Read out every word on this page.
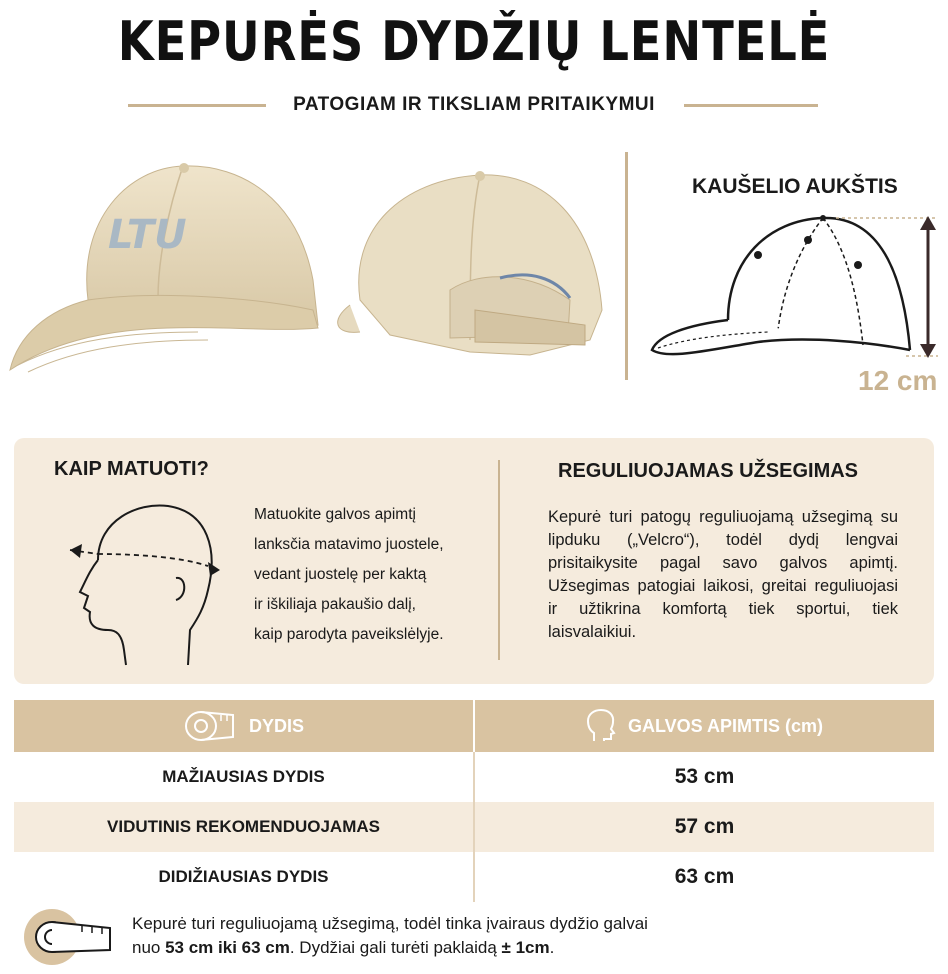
KEPURĖS DYDŽIŲ LENTELĖ
PATOGIAM IR TIKSLIAM PRITAIKYMUI
LTU
KAUŠELIO AUKŠTIS
12 cm
KAIP MATUOTI?
Matuokite galvos apimtį
lanksčia matavimo juostele,
vedant juostelę per kaktą
ir iškiliaja pakaušio dalį,
kaip parodyta paveikslėlyje.
REGULIUOJAMAS UŽSEGIMAS
Kepurė turi patogų reguliuojamą užsegimą su lipduku („Velcro“), todėl dydį lengvai prisitaikysite pagal savo galvos apimtį. Užsegimas patogiai laikosi, greitai reguliuojasi ir užtikrina komfortą tiek sportui, tiek laisvalaikiui.
DYDIS	GALVOS APIMTIS (cm)
MAŽIAUSIAS DYDIS	53 cm
VIDUTINIS REKOMENDUOJAMAS	57 cm
DIDIŽIAUSIAS DYDIS	63 cm
Kepurė turi reguliuojamą užsegimą, todėl tinka įvairaus dydžio galvai
nuo 53 cm iki 63 cm. Dydžiai gali turėti paklaidą ± 1cm.
